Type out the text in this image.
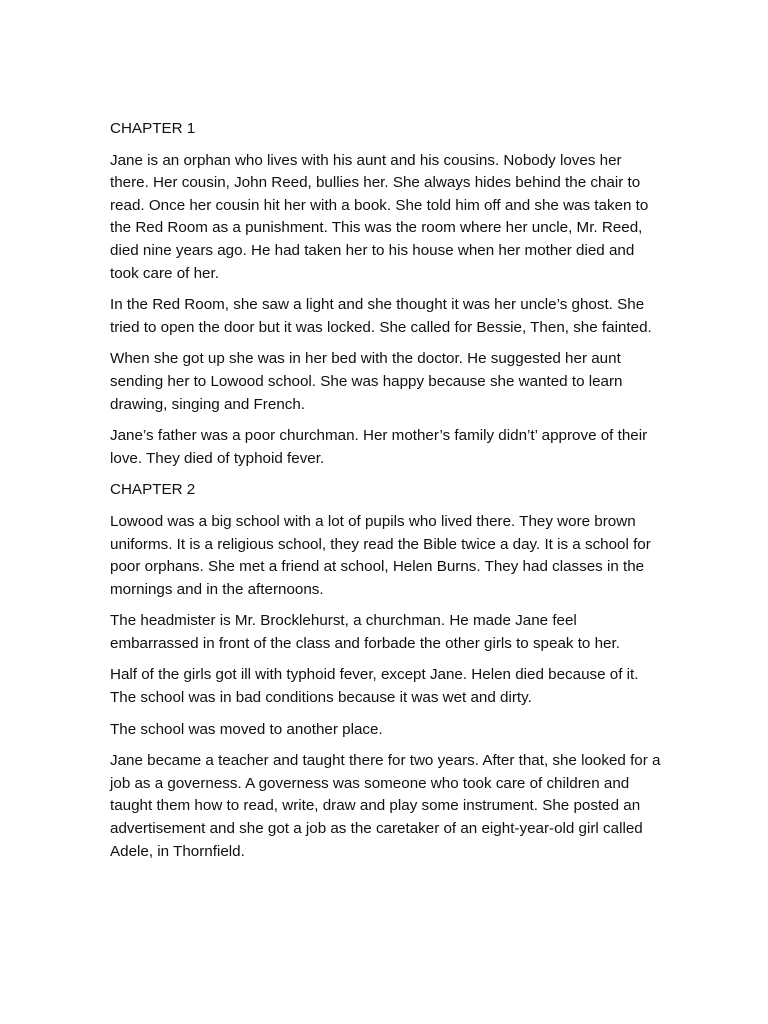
CHAPTER 1

Jane is an orphan who lives with his aunt and his cousins. Nobody loves her there. Her cousin, John Reed, bullies her. She always hides behind the chair to read. Once her cousin hit her with a book. She told him off and she was taken to the Red Room as a punishment. This was the room where her uncle, Mr. Reed, died nine years ago. He had taken her to his house when her mother died and took care of her.

In the Red Room, she saw a light and she thought it was her uncle’s ghost. She tried to open the door but it was locked. She called for Bessie, Then, she fainted.

When she got up she was in her bed with the doctor. He suggested her aunt sending her to Lowood school. She was happy because she wanted to learn drawing, singing and French.

Jane’s father was a poor churchman. Her mother’s family didn’t’ approve of their love. They died of typhoid fever.

CHAPTER 2

Lowood was a big school with a lot of pupils who lived there. They wore brown uniforms. It is a religious school, they read the Bible twice a day. It is a school for poor orphans. She met a friend at school, Helen Burns. They had classes in the mornings and in the afternoons.

The headmister is Mr. Brocklehurst, a churchman. He made Jane feel embarrassed in front of the class and forbade the other girls to speak to her.

Half of the girls got ill with typhoid fever, except Jane. Helen died because of it. The school was in bad conditions because it was wet and dirty.

The school was moved to another place.

Jane became a teacher and taught there for two years. After that, she looked for a job as a governess. A governess was someone who took care of children and taught them how to read, write, draw and play some instrument. She posted an advertisement and she got a job as the caretaker of an eight-year-old girl called Adele, in Thornfield.
